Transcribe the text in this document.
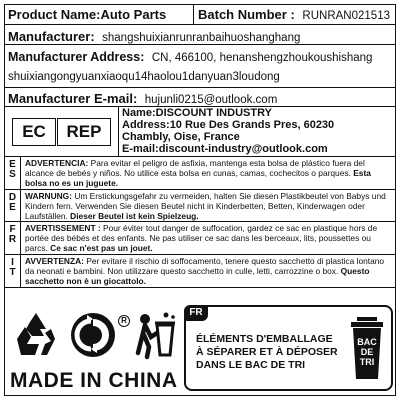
Product Name:Auto Parts	Batch Number : RUNRAN021513
Manufacturer: shangshuixianrunranbaihuoshanghang
Manufacturer Address: CN, 466100, henanshengzhoukoushishang
shuixiangongyuanxiaoqu14haolou1danyuan3loudong
Manufacturer E-mail: hujunli0215@outlook.com
EC REP
Name:DISCOUNT INDUSTRY
Address:10 Rue Des Grands Pres, 60230
Chambly, Oise, France
E-mail:discount-industry@outlook.com
E
S
ADVERTENCIA: Para evitar el peligro de asfixia, mantenga esta bolsa de plástico fuera del alcance de bebés y niños. No utilice esta bolsa en cunas, camas, cochecitos o parques. Esta bolsa no es un juguete.
D
E
WARNUNG: Um Erstickungsgefahr zu vermeiden, halten Sie diesen Plastikbeutel von Babys und Kindern fern. Verwenden Sie diesen Beutel nicht in Kinderbetten, Betten, Kinderwagen oder Laufställen. Dieser Beutel ist kein Spielzeug.
F
R
AVERTISSEMENT : Pour éviter tout danger de suffocation, gardez ce sac en plastique hors de portée des bébés et des enfants. Ne pas utiliser ce sac dans les berceaux, lits, poussettes ou parcs. Ce sac n'est pas un jouet.
I
T
AVVERTENZA: Per evitare il rischio di soffocamento, tenere questo sacchetto di plastica lontano da neonati e bambini. Non utilizzare questo sacchetto in culle, letti, carrozzine o box. Questo sacchetto non è un giocattolo.
R
MADE IN CHINA
FR
ÉLÉMENTS D'EMBALLAGE
À SÉPARER ET À DÉPOSER
DANS LE BAC DE TRI
BAC
DE
TRI
